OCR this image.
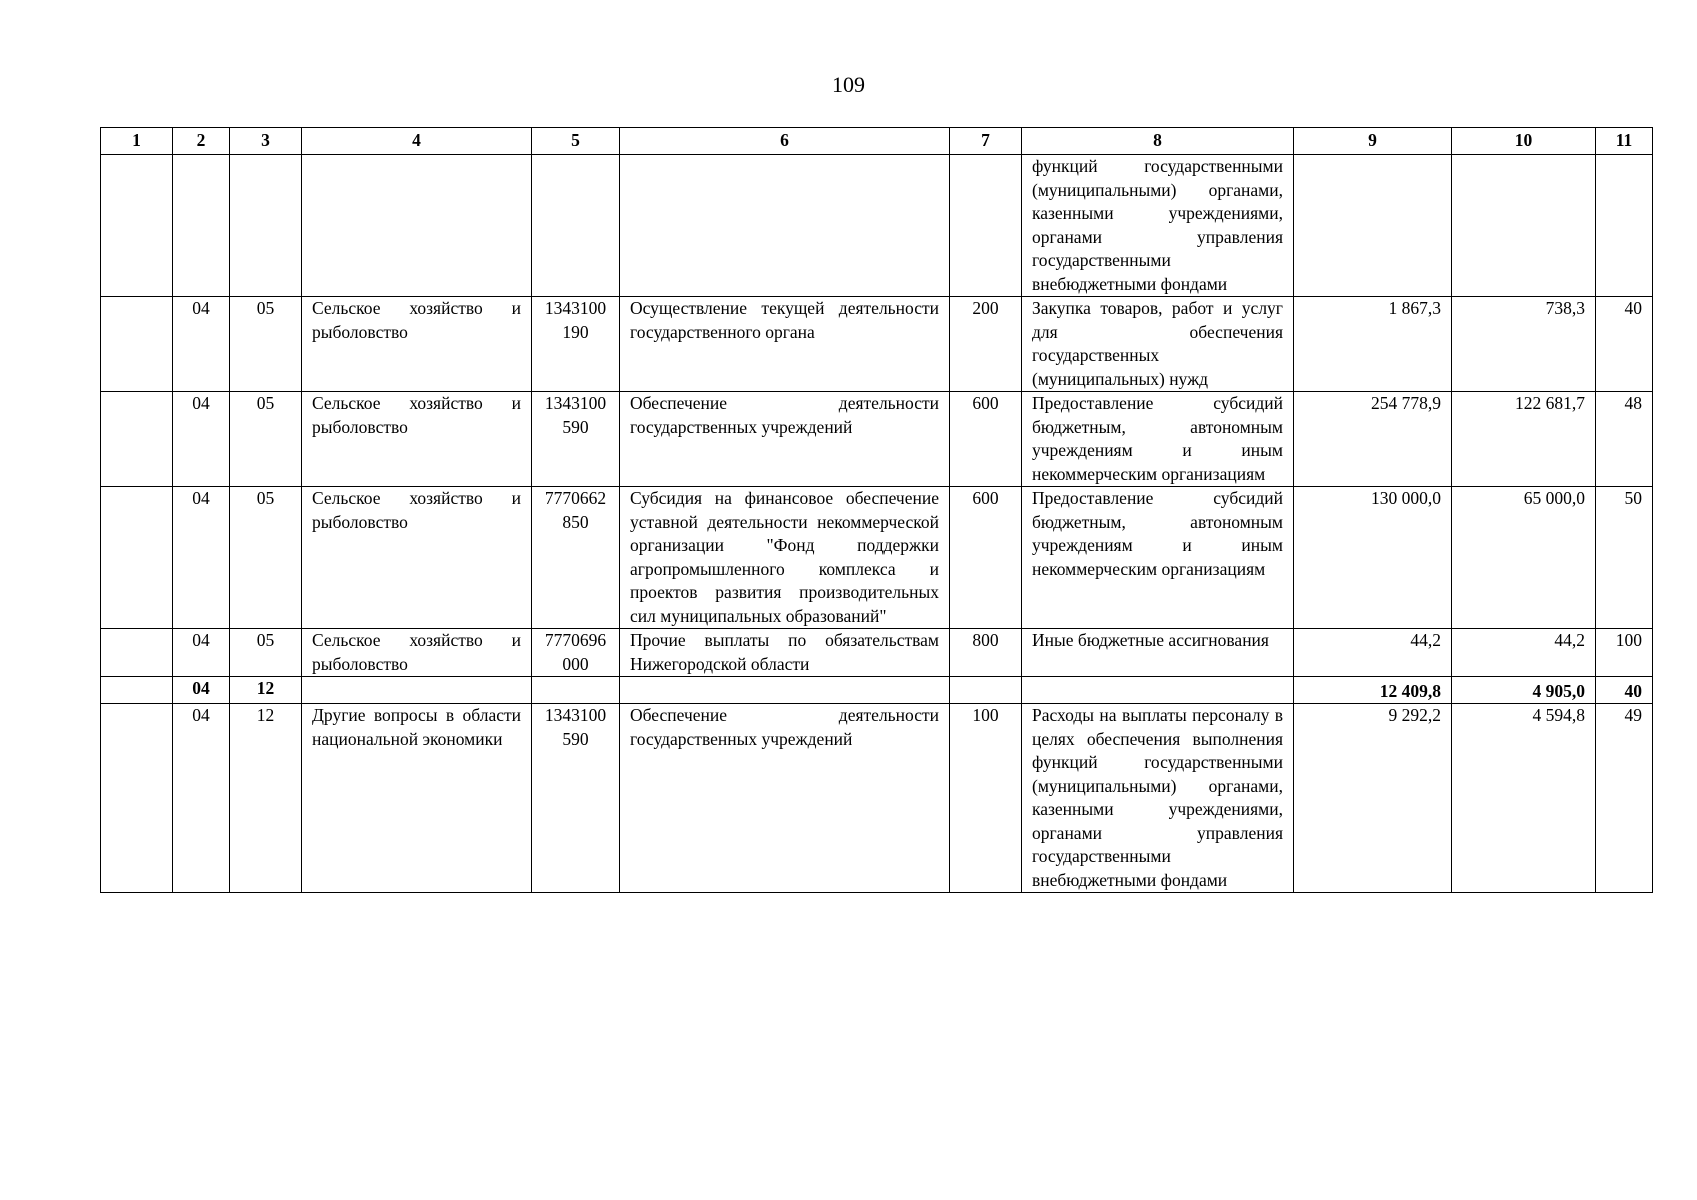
109
1	2	3	4	5	6	7	8	9	10	11
							функций государственными (муниципальными) органами, казенными учреждениями, органами управления государственными внебюджетными фондами			
	04	05	Сельское хозяйство и рыболовство	1343100190	Осуществление текущей деятельности государственного органа	200	Закупка товаров, работ и услуг для обеспечения государственных (муниципальных) нужд	1 867,3	738,3	40
	04	05	Сельское хозяйство и рыболовство	1343100590	Обеспечение деятельности государственных учреждений	600	Предоставление субсидий бюджетным, автономным учреждениям и иным некоммерческим организациям	254 778,9	122 681,7	48
	04	05	Сельское хозяйство и рыболовство	7770662850	Субсидия на финансовое обеспечение уставной деятельности некоммерческой организации "Фонд поддержки агропромышленного комплекса и проектов развития производительных сил муниципальных образований"	600	Предоставление субсидий бюджетным, автономным учреждениям и иным некоммерческим организациям	130 000,0	65 000,0	50
	04	05	Сельское хозяйство и рыболовство	7770696000	Прочие выплаты по обязательствам Нижегородской области	800	Иные бюджетные ассигнования	44,2	44,2	100
	04	12						12 409,8	4 905,0	40
	04	12	Другие вопросы в области национальной экономики	1343100590	Обеспечение деятельности государственных учреждений	100	Расходы на выплаты персоналу в целях обеспечения выполнения функций государственными (муниципальными) органами, казенными учреждениями, органами управления государственными внебюджетными фондами	9 292,2	4 594,8	49
